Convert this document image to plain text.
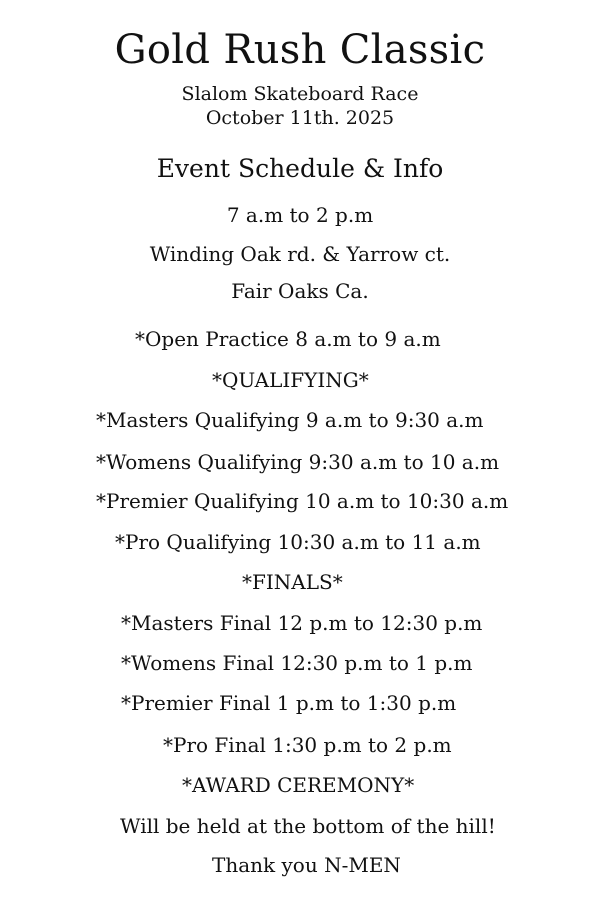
Gold Rush Classic
Slalom Skateboard Race
October 11th. 2025
Event Schedule & Info
7 a.m to 2 p.m
Winding Oak rd. & Yarrow ct.
Fair Oaks Ca.
*Open Practice 8 a.m to 9 a.m
*QUALIFYING*
*Masters Qualifying 9 a.m to 9:30 a.m
*Womens Qualifying 9:30 a.m to 10 a.m
*Premier Qualifying 10 a.m to 10:30 a.m
*Pro Qualifying 10:30 a.m to 11 a.m
*FINALS*
*Masters Final 12 p.m to 12:30 p.m
*Womens Final 12:30 p.m to 1 p.m
*Premier Final 1 p.m to 1:30 p.m
*Pro Final 1:30 p.m to 2 p.m
*AWARD CEREMONY*
Will be held at the bottom of the hill!
Thank you N-MEN
